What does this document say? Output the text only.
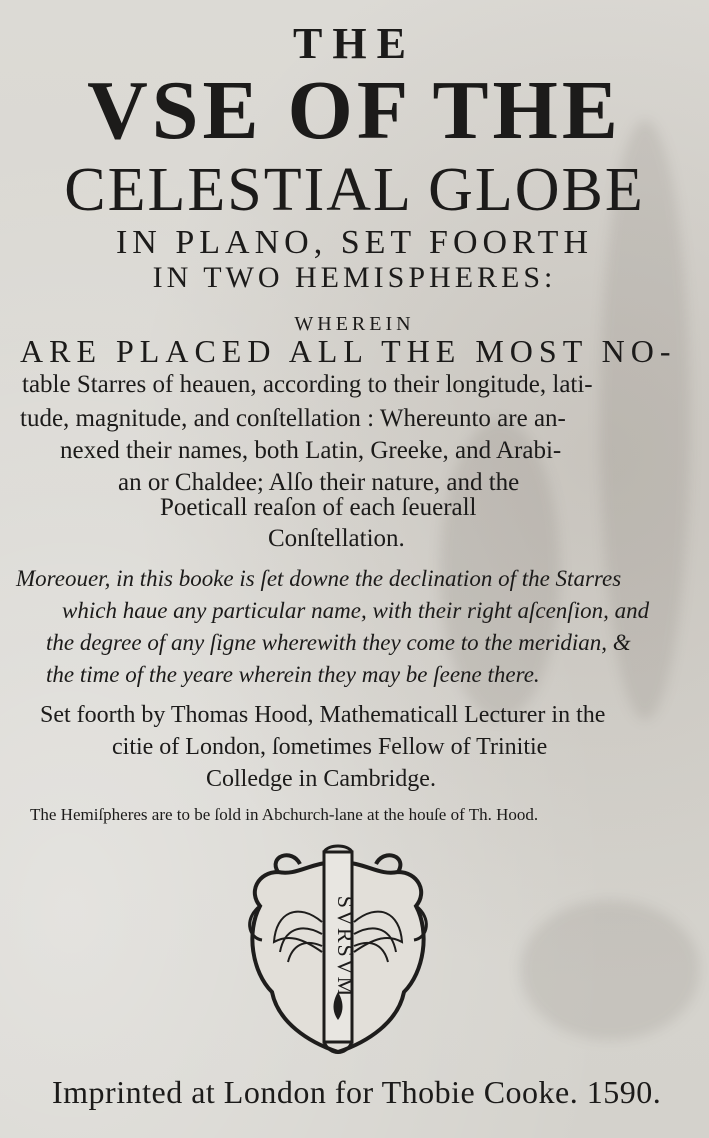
THE
VSE OF THE
CELESTIAL GLOBE
IN PLANO, SET FOORTH
IN TWO HEMISPHERES:
WHEREIN
ARE PLACED ALL THE MOST NO-
table Starres of heauen, according to their longitude, lati-
tude, magnitude, and conſtellation : Whereunto are an-
nexed their names, both Latin, Greeke, and Arabi-
an or Chaldee; Alſo their nature, and the
Poeticall reaſon of each ſeuerall
Conſtellation.
Moreouer, in this booke is ſet downe the declination of the Starres
which haue any particular name, with their right aſcenſion, and
the degree of any ſigne wherewith they come to the meridian, &
the time of the yeare wherein they may be ſeene there.
Set foorth by Thomas Hood, Mathematicall Lecturer in the
citie of London, ſometimes Fellow of Trinitie
Colledge in Cambridge.
The Hemiſpheres are to be ſold in Abchurch-lane at the houſe of Th. Hood.
SVRSVM
Imprinted at London for Thobie Cooke. 1590.
